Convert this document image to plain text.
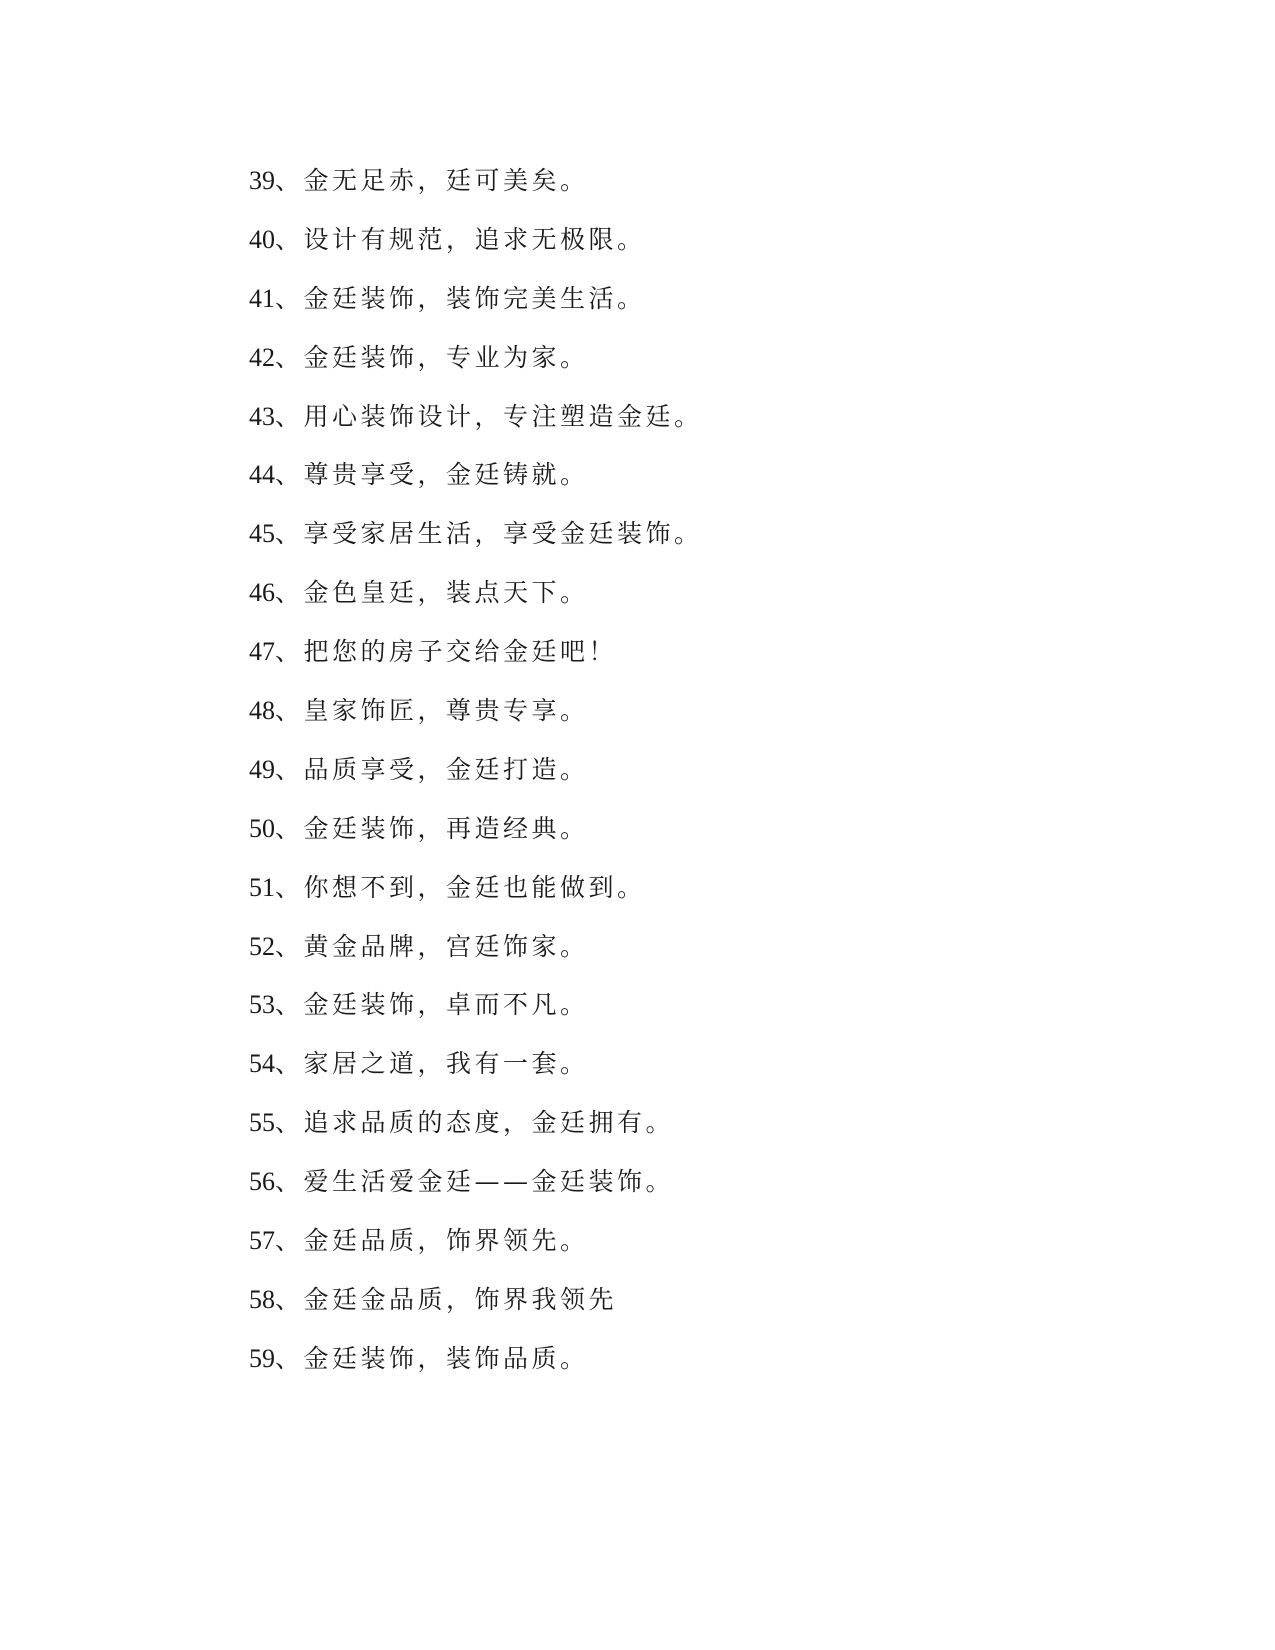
39、金无足赤，廷可美矣。
40、设计有规范，追求无极限。
41、金廷装饰，装饰完美生活。
42、金廷装饰，专业为家。
43、用心装饰设计，专注塑造金廷。
44、尊贵享受，金廷铸就。
45、享受家居生活，享受金廷装饰。
46、金色皇廷，装点天下。
47、把您的房子交给金廷吧！
48、皇家饰匠，尊贵专享。
49、品质享受，金廷打造。
50、金廷装饰，再造经典。
51、你想不到，金廷也能做到。
52、黄金品牌，宫廷饰家。
53、金廷装饰，卓而不凡。
54、家居之道，我有一套。
55、追求品质的态度，金廷拥有。
56、爱生活爱金廷——金廷装饰。
57、金廷品质，饰界领先。
58、金廷金品质，饰界我领先
59、金廷装饰，装饰品质。
